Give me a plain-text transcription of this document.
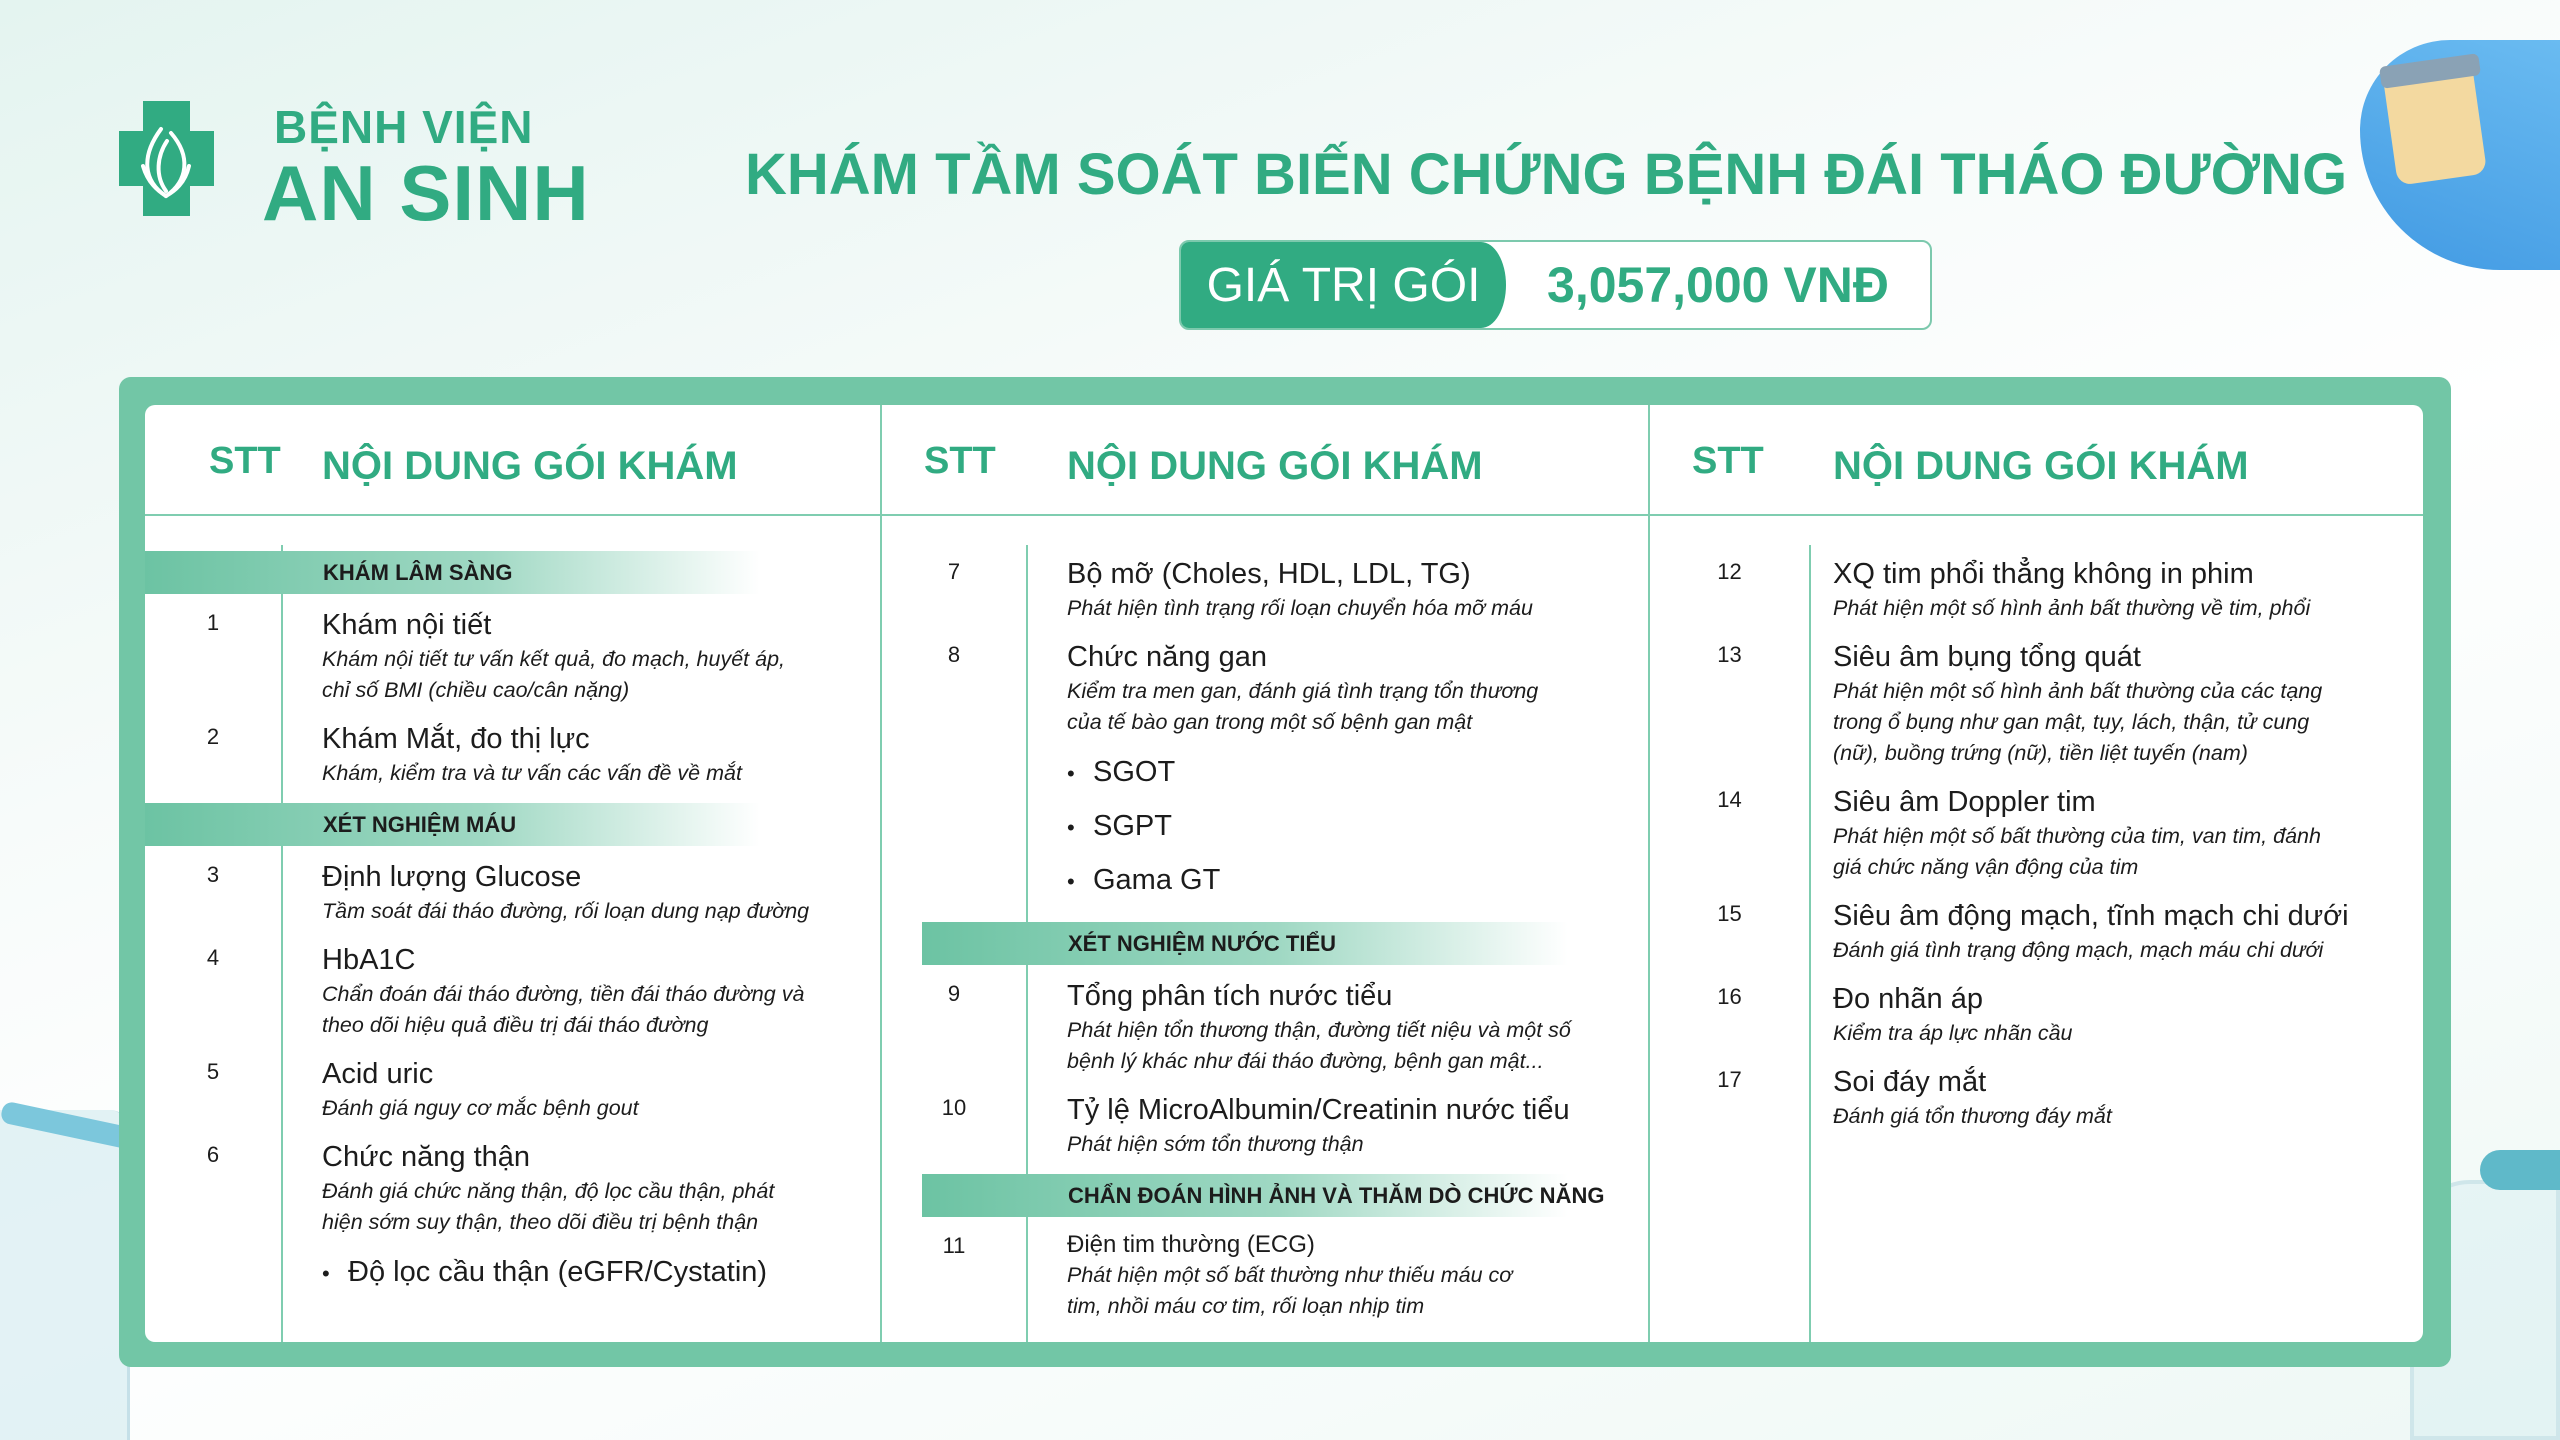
BỆNH VIỆN
AN SINH	KHÁM TẦM SOÁT BIẾN CHỨNG BỆNH ĐÁI THÁO ĐƯỜNG
GIÁ TRỊ GÓI	3,057,000 VNĐ
STT NỘI DUNG GÓI KHÁM
KHÁM LÂM SÀNG
1	Khám nội tiết
Khám nội tiết tư vấn kết quả, đo mạch, huyết áp,
chỉ số BMI (chiều cao/cân nặng)
2	Khám Mắt, đo thị lực
Khám, kiểm tra và tư vấn các vấn đề về mắt
XÉT NGHIỆM MÁU
3	Định lượng Glucose
Tầm soát đái tháo đường, rối loạn dung nạp đường
4	HbA1C
Chẩn đoán đái tháo đường, tiền đái tháo đường và
theo dõi hiệu quả điều trị đái tháo đường
5	Acid uric
Đánh giá nguy cơ mắc bệnh gout
6	Chức năng thận
Đánh giá chức năng thận, độ lọc cầu thận, phát
hiện sớm suy thận, theo dõi điều trị bệnh thận
• Độ lọc cầu thận (eGFR/Cystatin)
STT NỘI DUNG GÓI KHÁM
7	Bộ mỡ (Choles, HDL, LDL, TG)
Phát hiện tình trạng rối loạn chuyển hóa mỡ máu
8	Chức năng gan
Kiểm tra men gan, đánh giá tình trạng tổn thương
của tế bào gan trong một số bệnh gan mật
• SGOT
• SGPT
• Gama GT
XÉT NGHIỆM NƯỚC TIỂU
9	Tổng phân tích nước tiểu
Phát hiện tổn thương thận, đường tiết niệu và một số
bệnh lý khác như đái tháo đường, bệnh gan mật...
10	Tỷ lệ MicroAlbumin/Creatinin nước tiểu
Phát hiện sớm tổn thương thận
CHẨN ĐOÁN HÌNH ẢNH VÀ THĂM DÒ CHỨC NĂNG
11	Điện tim thường (ECG)
Phát hiện một số bất thường như thiếu máu cơ
tim, nhồi máu cơ tim, rối loạn nhịp tim
STT NỘI DUNG GÓI KHÁM
12	XQ tim phổi thẳng không in phim
Phát hiện một số hình ảnh bất thường về tim, phổi
13	Siêu âm bụng tổng quát
Phát hiện một số hình ảnh bất thường của các tạng
trong ổ bụng như gan mật, tụy, lách, thận, tử cung
(nữ), buồng trứng (nữ), tiền liệt tuyến (nam)
14	Siêu âm Doppler tim
Phát hiện một số bất thường của tim, van tim, đánh
giá chức năng vận động của tim
15	Siêu âm động mạch, tĩnh mạch chi dưới
Đánh giá tình trạng động mạch, mạch máu chi dưới
16	Đo nhãn áp
Kiểm tra áp lực nhãn cầu
17	Soi đáy mắt
Đánh giá tổn thương đáy mắt
